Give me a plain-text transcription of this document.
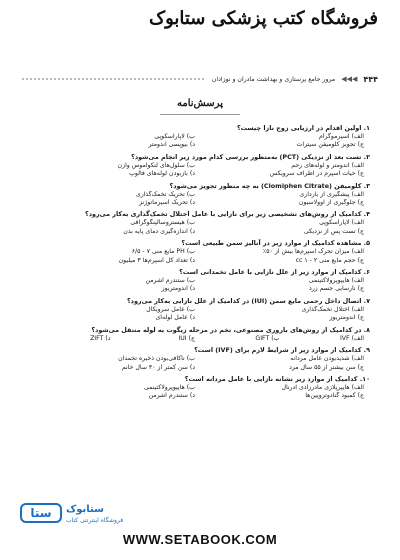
فروشگاه کتب پزشکی ستابوک
۴۴۴
◀◀◀
مرور جامع پرستاری و بهداشت مادران و نوزادان
پرسش‌نامه
۱. اولین اقدام در ارزیابی زوج نازا چیست؟
الف) اسپرموگرام
ب) لاپاراسکوپی
ج) تجویز کلومیفن سیترات
د) بیوپسی آندومتر
۲. تست بعد از نزدیکی (PCT) به‌منظور بررسی کدام مورد زیر انجام می‌شود؟
الف) آندومتر و لوله‌های رحم
ب) سلول‌های لنکوآموس وآزن
ج) حیات اسپرم در اطراف سرویکس
د) بازبودن لوله‌های فالوپ
۳. کلومیفن (Clomiphen Citrate) به چه منظور تجویز می‌شود؟
الف) پیشگیری از بارداری
ب) تحریک تخمک‌گذاری
ج) جلوگیری از اوولاسیون
د) تحریک اسپرماتوژنز
۴. کدامیک از روش‌های تشخیصی زیر برای نازایی با عامل اختلال تخمک‌گذاری به‌کار می‌رود؟
الف) لاپاراسکوپی
ب) هیستروسالپنگوگرافی
ج) تست پس از نزدیکی
د) اندازه‌گیری دمای پایه بدن
۵. مشاهده کدامیک از موارد زیر در آنالیز سمن طبیعی است؟
الف) میزان تحرک اسپرم‌ها بیش از ۵۰٪
ب) PH مایع منی ۷ - ۶/۵
ج) حجم مایع منی ۲ - ۱ cc
د) تعداد کل اسپرم‌ها ۳ میلیون
۶. کدامیک از موارد زیر از علل نازایی با عامل تخمدانی است؟
الف) هایپوپرولاکتینمی
ب) ستندرم آشرمن
ج) نارسایی جسم زرد
د) اندومتریوز
۷. اتصال داخل رحمی مایع سمن (IUI) در کدامیک از علل نازایی به‌کار می‌رود؟
الف) اختلال تخمک‌گذاری
ب) عامل سرویکال
ج) اندومتریوز
د) عامل لوله‌ای
۸. در کدامیک از روش‌های باروری مصنوعی، تخم در مرحله زیگوت به لوله منتقل می‌شود؟
الف) IVF
ب) GIFT
ج) IUI
د) ZIFT
۹. کدامیک از موارد زیر از شرایط لازم برای (IVF) است؟
الف) شدیدبودن عامل مردانه
ب) ناکافی‌بودن ذخیره تخمدان
ج) سن بیشتر از ۵۵ سال مرد
د) سن کمتر از ۴۰ سال خانم
۱۰. کدامیک از موارد زیر نشانه نازایی با عامل مردانه است؟
الف) هایپرپلازی مادرزادی آدرنال
ب) هایپوپرولاکتینمی
ج) کمبود گنادوتروپین‌ها
د) ستندرم آشرمن
ستا ستابوک
فروشگاه اینترنتی کتاب
WWW.SETABOOK.COM
